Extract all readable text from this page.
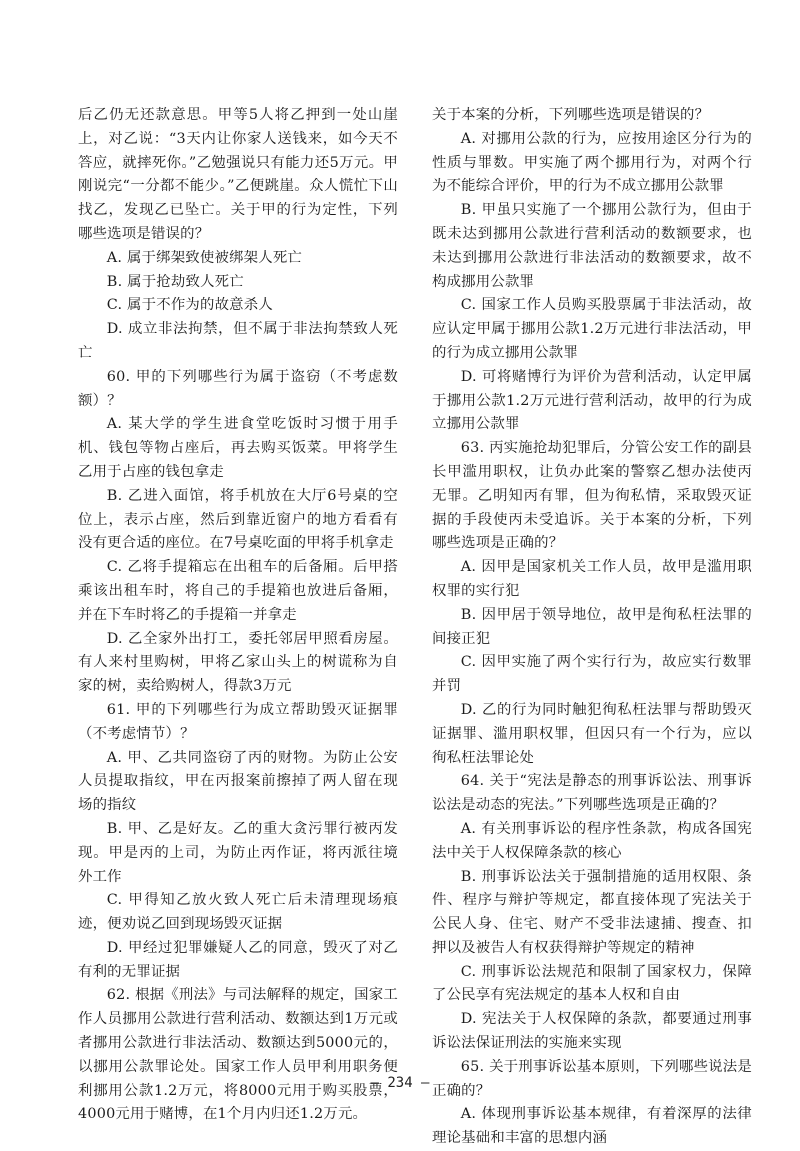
后乙仍无还款意思。甲等5人将乙押到一处山崖上，对乙说：“3天内让你家人送钱来，如今天不答应，就摔死你。”乙勉强说只有能力还5万元。甲刚说完“一分都不能少。”乙便跳崖。众人慌忙下山找乙，发现乙已坠亡。关于甲的行为定性，下列哪些选项是错误的？

A. 属于绑架致使被绑架人死亡

B. 属于抢劫致人死亡

C. 属于不作为的故意杀人

D. 成立非法拘禁，但不属于非法拘禁致人死亡

60. 甲的下列哪些行为属于盗窃（不考虑数额）？

A. 某大学的学生进食堂吃饭时习惯于用手机、钱包等物占座后，再去购买饭菜。甲将学生乙用于占座的钱包拿走

B. 乙进入面馆，将手机放在大厅6号桌的空位上，表示占座，然后到靠近窗户的地方看看有没有更合适的座位。在7号桌吃面的甲将手机拿走

C. 乙将手提箱忘在出租车的后备厢。后甲搭乘该出租车时，将自己的手提箱也放进后备厢，并在下车时将乙的手提箱一并拿走

D. 乙全家外出打工，委托邻居甲照看房屋。有人来村里购树，甲将乙家山头上的树谎称为自家的树，卖给购树人，得款3万元

61. 甲的下列哪些行为成立帮助毁灭证据罪（不考虑情节）？

A. 甲、乙共同盗窃了丙的财物。为防止公安人员提取指纹，甲在丙报案前擦掉了两人留在现场的指纹

B. 甲、乙是好友。乙的重大贪污罪行被丙发现。甲是丙的上司，为防止丙作证，将丙派往境外工作

C. 甲得知乙放火致人死亡后未清理现场痕迹，便劝说乙回到现场毁灭证据

D. 甲经过犯罪嫌疑人乙的同意，毁灭了对乙有利的无罪证据

62. 根据《刑法》与司法解释的规定，国家工作人员挪用公款进行营利活动、数额达到1万元或者挪用公款进行非法活动、数额达到5000元的，以挪用公款罪论处。国家工作人员甲利用职务便利挪用公款1.2万元，将8000元用于购买股票，4000元用于赌博，在1个月内归还1.2万元。

关于本案的分析，下列哪些选项是错误的？

A. 对挪用公款的行为，应按用途区分行为的性质与罪数。甲实施了两个挪用行为，对两个行为不能综合评价，甲的行为不成立挪用公款罪

B. 甲虽只实施了一个挪用公款行为，但由于既未达到挪用公款进行营利活动的数额要求，也未达到挪用公款进行非法活动的数额要求，故不构成挪用公款罪

C. 国家工作人员购买股票属于非法活动，故应认定甲属于挪用公款1.2万元进行非法活动，甲的行为成立挪用公款罪

D. 可将赌博行为评价为营利活动，认定甲属于挪用公款1.2万元进行营利活动，故甲的行为成立挪用公款罪

63. 丙实施抢劫犯罪后，分管公安工作的副县长甲滥用职权，让负办此案的警察乙想办法使丙无罪。乙明知丙有罪，但为徇私情，采取毁灭证据的手段使丙未受追诉。关于本案的分析，下列哪些选项是正确的？

A. 因甲是国家机关工作人员，故甲是滥用职权罪的实行犯

B. 因甲居于领导地位，故甲是徇私枉法罪的间接正犯

C. 因甲实施了两个实行行为，故应实行数罪并罚

D. 乙的行为同时触犯徇私枉法罪与帮助毁灭证据罪、滥用职权罪，但因只有一个行为，应以徇私枉法罪论处

64. 关于“宪法是静态的刑事诉讼法、刑事诉讼法是动态的宪法。”下列哪些选项是正确的？

A. 有关刑事诉讼的程序性条款，构成各国宪法中关于人权保障条款的核心

B. 刑事诉讼法关于强制措施的适用权限、条件、程序与辩护等规定，都直接体现了宪法关于公民人身、住宅、财产不受非法逮捕、搜查、扣押以及被告人有权获得辩护等规定的精神

C. 刑事诉讼法规范和限制了国家权力，保障了公民享有宪法规定的基本人权和自由

D. 宪法关于人权保障的条款，都要通过刑事诉讼法保证刑法的实施来实现

65. 关于刑事诉讼基本原则，下列哪些说法是正确的？

A. 体现刑事诉讼基本规律，有着深厚的法律理论基础和丰富的思想内涵

— 234 —
